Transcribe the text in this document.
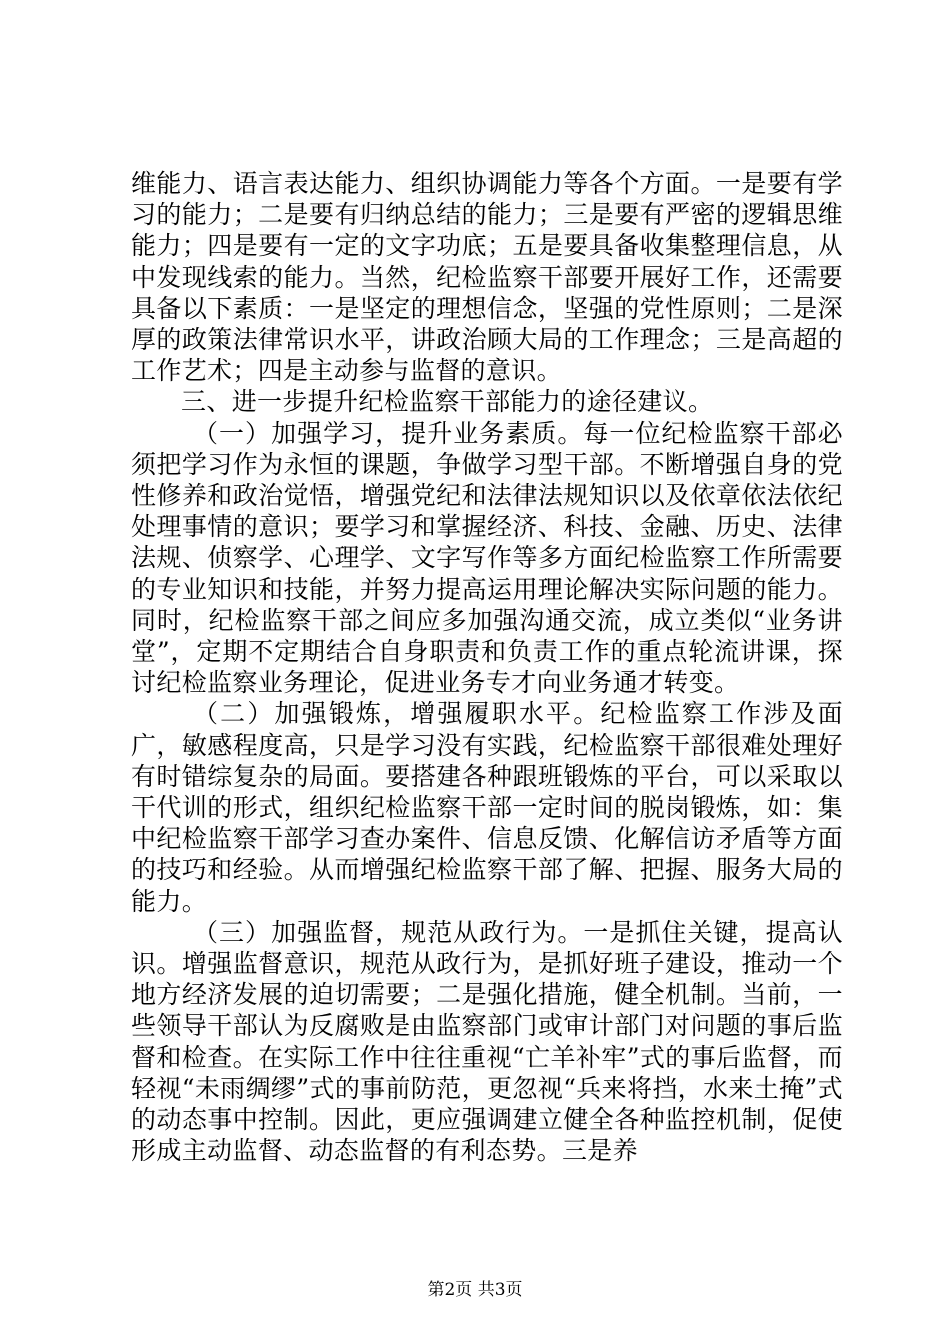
维能力、语言表达能力、组织协调能力等各个方面。一是要有学习的能力；二是要有归纳总结的能力；三是要有严密的逻辑思维能力；四是要有一定的文字功底；五是要具备收集整理信息，从中发现线索的能力。当然，纪检监察干部要开展好工作，还需要具备以下素质：一是坚定的理想信念，坚强的党性原则；二是深厚的政策法律常识水平，讲政治顾大局的工作理念；三是高超的工作艺术；四是主动参与监督的意识。

三、进一步提升纪检监察干部能力的途径建议。

（一）加强学习，提升业务素质。每一位纪检监察干部必须把学习作为永恒的课题，争做学习型干部。不断增强自身的党性修养和政治觉悟，增强党纪和法律法规知识以及依章依法依纪处理事情的意识；要学习和掌握经济、科技、金融、历史、法律法规、侦察学、心理学、文字写作等多方面纪检监察工作所需要的专业知识和技能，并努力提高运用理论解决实际问题的能力。同时，纪检监察干部之间应多加强沟通交流，成立类似“业务讲堂”，定期不定期结合自身职责和负责工作的重点轮流讲课，探讨纪检监察业务理论，促进业务专才向业务通才转变。

（二）加强锻炼，增强履职水平。纪检监察工作涉及面广，敏感程度高，只是学习没有实践，纪检监察干部很难处理好有时错综复杂的局面。要搭建各种跟班锻炼的平台，可以采取以干代训的形式，组织纪检监察干部一定时间的脱岗锻炼，如：集中纪检监察干部学习查办案件、信息反馈、化解信访矛盾等方面的技巧和经验。从而增强纪检监察干部了解、把握、服务大局的能力。

（三）加强监督，规范从政行为。一是抓住关键，提高认识。增强监督意识，规范从政行为，是抓好班子建设，推动一个地方经济发展的迫切需要；二是强化措施，健全机制。当前，一些领导干部认为反腐败是由监察部门或审计部门对问题的事后监督和检查。在实际工作中往往重视“亡羊补牢”式的事后监督，而轻视“未雨绸缪”式的事前防范，更忽视“兵来将挡，水来土掩”式的动态事中控制。因此，更应强调建立健全各种监控机制，促使形成主动监督、动态监督的有利态势。三是养

第2页 共3页
